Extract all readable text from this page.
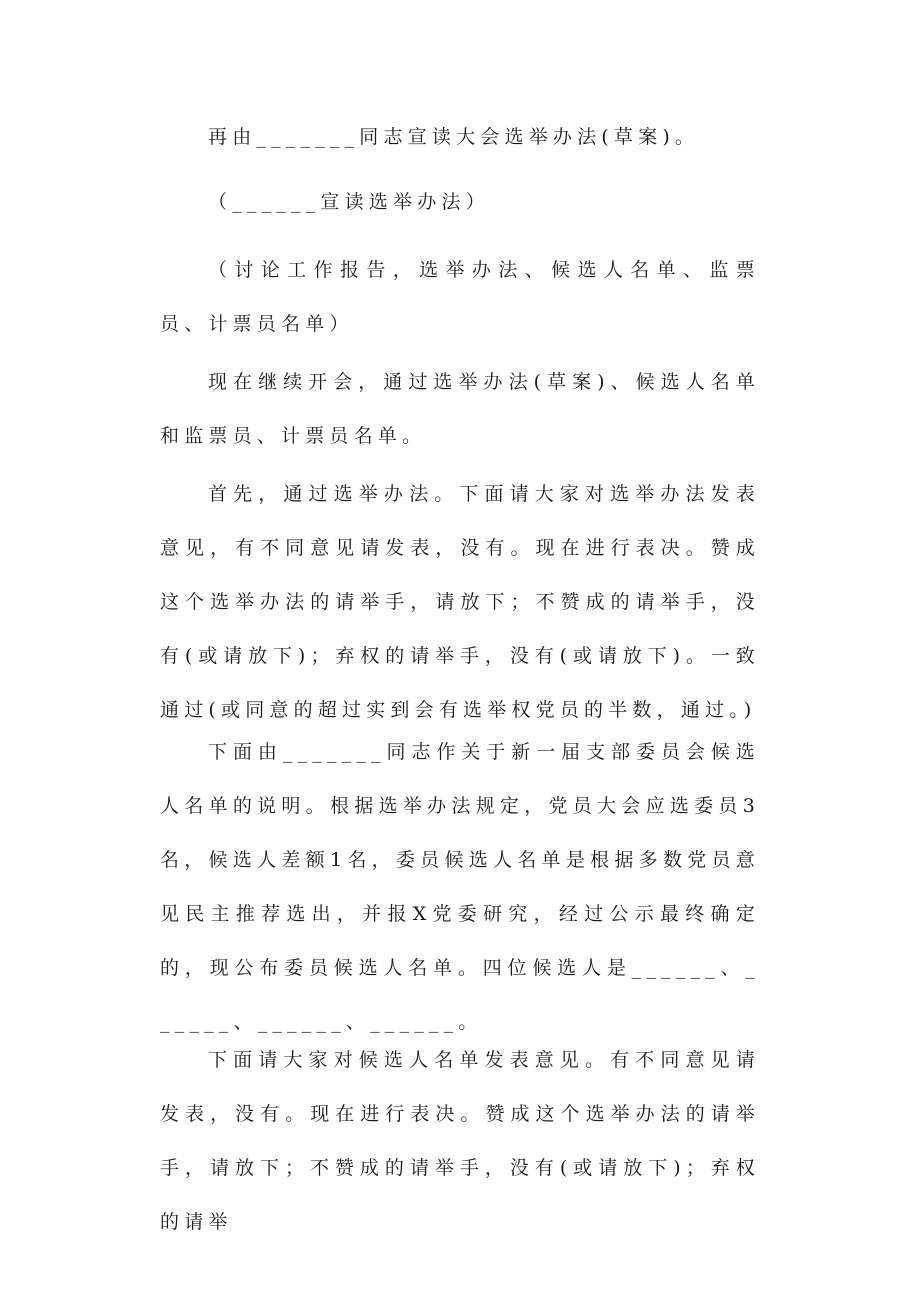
再由_______同志宣读大会选举办法(草案)。

（______宣读选举办法）

（讨论工作报告，选举办法、候选人名单、监票员、计票员名单）

现在继续开会，通过选举办法(草案)、候选人名单和监票员、计票员名单。

首先，通过选举办法。下面请大家对选举办法发表意见，有不同意见请发表，没有。现在进行表决。赞成这个选举办法的请举手，请放下；不赞成的请举手，没有(或请放下)；弃权的请举手，没有(或请放下)。一致通过(或同意的超过实到会有选举权党员的半数，通过。)

下面由_______同志作关于新一届支部委员会候选人名单的说明。根据选举办法规定，党员大会应选委员3名，候选人差额1名，委员候选人名单是根据多数党员意见民主推荐选出，并报X党委研究，经过公示最终确定的，现公布委员候选人名单。四位候选人是______、______、______、______。

下面请大家对候选人名单发表意见。有不同意见请发表，没有。现在进行表决。赞成这个选举办法的请举手，请放下；不赞成的请举手，没有(或请放下)；弃权的请举
